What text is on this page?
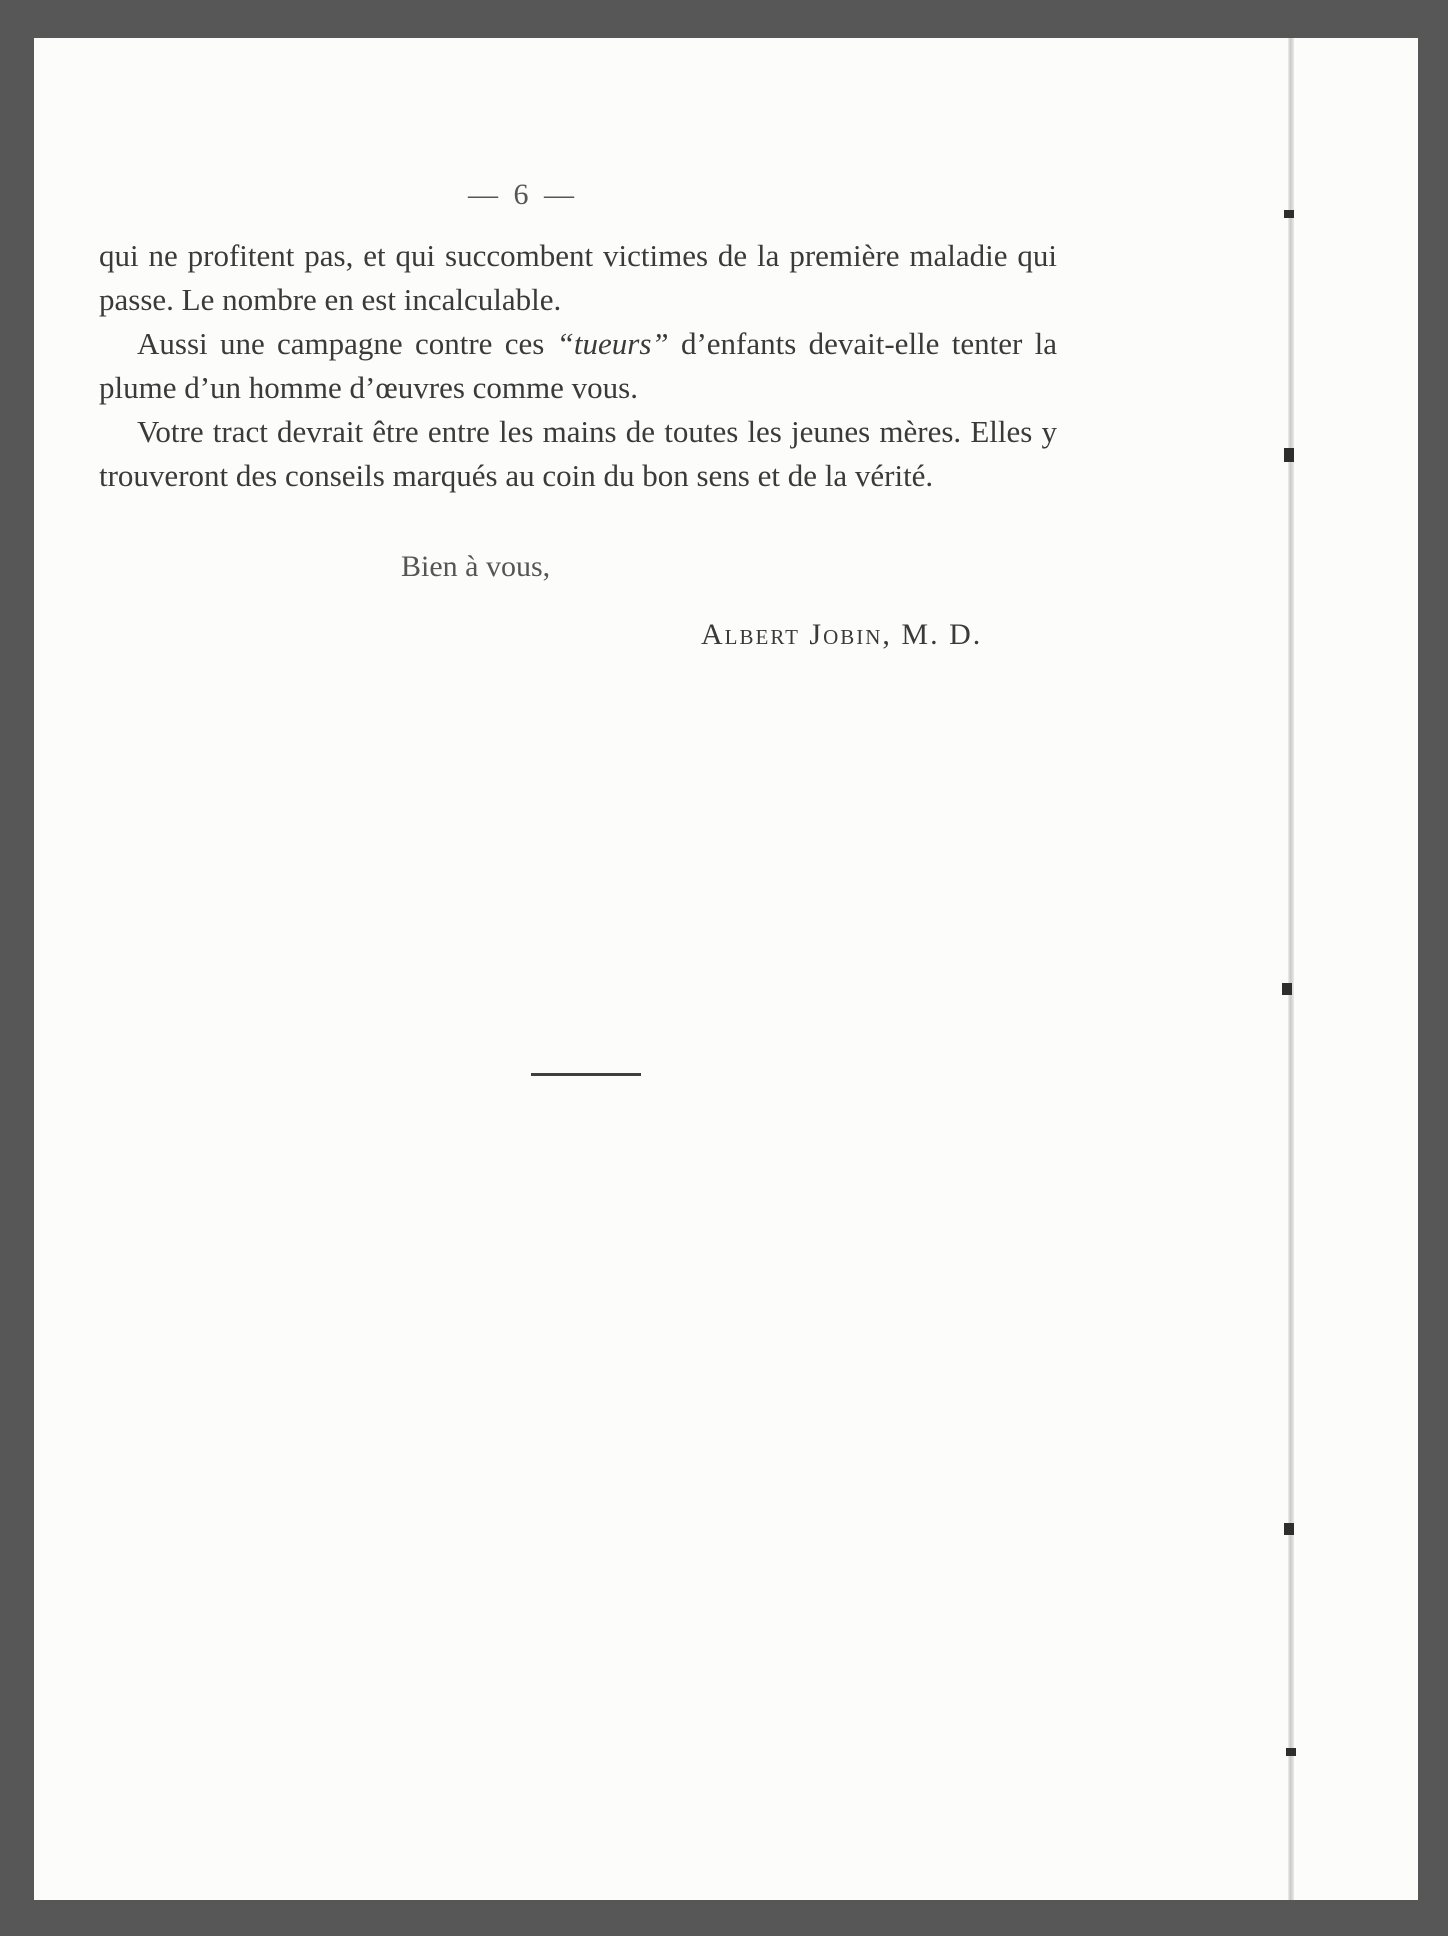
— 6 —

qui ne profitent pas, et qui succombent victimes de la première maladie qui passe. Le nombre en est incalculable.

Aussi une campagne contre ces “tueurs” d’enfants devait-elle tenter la plume d’un homme d’œuvres comme vous.

Votre tract devrait être entre les mains de toutes les jeunes mères. Elles y trouveront des conseils marqués au coin du bon sens et de la vérité.

Bien à vous,
Albert Jobin, M. D.
